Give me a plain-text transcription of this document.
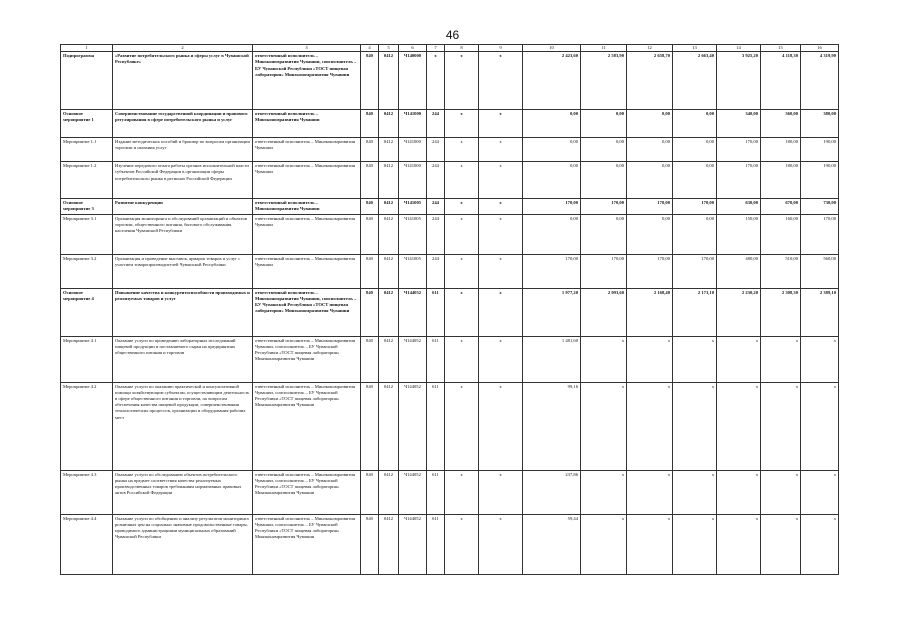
46
1	2	3	4	5	6	7	8	9	10	11	12	13	14	15	16
Подпрограмма	«Развитие потребительского рынка и сферы услуг в Чувашской Республике»	ответственный исполнитель – Минэкономразвития Чувашии, соисполнитель – БУ Чувашской Республики «ТОСТ пищевая лаборатория» Минэкономразвития Чувашии	840	0412	Ч140000	х	х	х	2 423,60	2 583,90	2 658,70	2 663,40	3 925,20	4 118,30	4 319,90
Основное мероприятие 1	Совершенствование государственной координации и правового регулирования в сфере потребительского рынка и услуг	ответственный исполнитель – Минэкономразвития Чувашии	840	0412	Ч141000	244	х	х	0,00	0,00	0,00	0,00	340,00	360,00	380,00
Мероприятие 1.1	Издание методических пособий и брошюр по вопросам организации торговли и оказания услуг	ответственный исполнитель – Минэкономразвития Чувашии	840	0412	Ч141000	244	х	х	0,00	0,00	0,00	0,00	170,00	180,00	190,00
Мероприятие 1.2	Изучение передового опыта работы органов исполнительной власти субъектов Российской Федерации в организации сферы потребительского рынка в регионах Российской Федерации	ответственный исполнитель – Минэкономразвития Чувашии	840	0412	Ч141000	244	х	х	0,00	0,00	0,00	0,00	170,00	180,00	190,00
Основное мероприятие 3	Развитие конкуренции	ответственный исполнитель – Минэкономразвития Чувашии	840	0412	Ч141005	244	х	х	170,00	170,00	170,00	170,00	630,00	670,00	730,00
Мероприятие 3.1	Организация мониторинга и обследований организаций и объектов торговли, общественного питания, бытового обслуживания населения Чувашской Республики	ответственный исполнитель – Минэкономразвития Чувашии	840	0412	Ч141005	244	х	х	0,00	0,00	0,00	0,00	150,00	160,00	170,00
Мероприятие 3.2	Организация и проведение выставок, ярмарок товаров и услуг с участием товаропроизводителей Чувашской Республики	ответственный исполнитель – Минэкономразвития Чувашии	840	0412	Ч141005	244	х	х	170,00	170,00	170,00	170,00	480,00	510,00	560,00
Основное мероприятие 4	Повышение качества и конкурентоспособности производимых и реализуемых товаров и услуг	ответственный исполнитель – Минэкономразвития Чувашии, соисполнитель – БУ Чувашской Республики «ТОСТ пищевая лаборатория» Минэкономразвития Чувашии	840	0412	Ч144052	611	х	х	1 977,20	2 093,60	2 168,40	2 173,10	2 230,20	2 308,30	2 389,10
Мероприятие 4.1	Оказание услуги по проведению лабораторных исследований пищевой продукции и поставляемого сырья на предприятиях общественного питания и торговли	ответственный исполнитель – Минэкономразвития Чувашии, соисполнитель – БУ Чувашской Республики «ТОСТ пищевая лаборатория» Минэкономразвития Чувашии	840	0412	Ч144052	611	х	х	1 481,60	х	х	х	х	х	х
Мероприятие 4.2	Оказание услуги по оказанию практической и консультативной помощи хозяйствующим субъектам, осуществляющим деятельность в сфере общественного питания и торговли, по вопросам обеспечения качества пищевой продукции, совершенствования технологических процессов, организации и оборудования рабочих мест	ответственный исполнитель – Минэкономразвития Чувашии, соисполнитель – БУ Чувашской Республики «ТОСТ пищевая лаборатория» Минэкономразвития Чувашии	840	0412	Ч144052	611	х	х	99,16	х	х	х	х	х	х
Мероприятие 4.3	Оказание услуги по обследованию объектов потребительского рынка на предмет соответствия качества реализуемых производственных товаров требованиям нормативных правовых актов Российской Федерации	ответственный исполнитель – Минэкономразвития Чувашии, соисполнитель – БУ Чувашской Республики «ТОСТ пищевая лаборатория» Минэкономразвития Чувашии	840	0412	Ч144052	611	х	х	237,86	х	х	х	х	х	х
Мероприятие 4.4	Оказание услуги по обобщению и анализу результатов мониторинга розничных цен на социально значимые продовольственные товары, проводимого администрациями муниципальных образований Чувашской Республики	ответственный исполнитель – Минэкономразвития Чувашии, соисполнитель – БУ Чувашской Республики «ТОСТ пищевая лаборатория» Минэкономразвития Чувашии	840	0412	Ч144052	611	х	х	59,44	х	х	х	х	х	х
